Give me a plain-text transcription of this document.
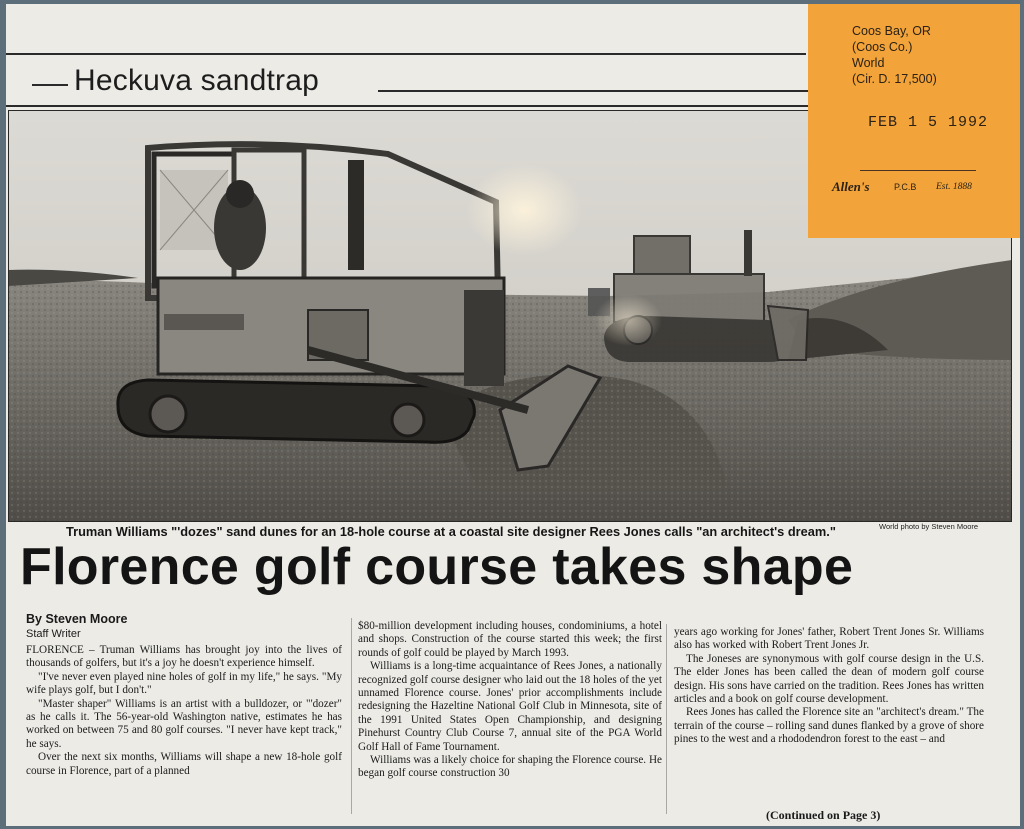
Heckuva sandtrap
Truman Williams "'dozes" sand dunes for an 18-hole course at a coastal site designer Rees Jones calls "an architect's dream."	World photo by Steven Moore
Florence golf course takes shape
By Steven Moore
Staff Writer

FLORENCE – Truman Williams has brought joy into the lives of thousands of golfers, but it's a joy he doesn't experience himself.

"I've never even played nine holes of golf in my life," he says. "My wife plays golf, but I don't."

"Master shaper" Williams is an artist with a bulldozer, or "'dozer" as he calls it. The 56-year-old Washington native, estimates he has worked on between 75 and 80 golf courses. "I never have kept track," he says.

Over the next six months, Williams will shape a new 18-hole golf course in Florence, part of a planned

$80-million development including houses, condominiums, a hotel and shops. Construction of the course started this week; the first rounds of golf could be played by March 1993.

Williams is a long-time acquaintance of Rees Jones, a nationally recognized golf course designer who laid out the 18 holes of the yet unnamed Florence course. Jones' prior accomplishments include redesigning the Hazeltine National Golf Club in Minnesota, site of the 1991 United States Open Championship, and designing Pinehurst Country Club Course 7, annual site of the PGA World Golf Hall of Fame Tournament.

Williams was a likely choice for shaping the Florence course. He began golf course construction 30

years ago working for Jones' father, Robert Trent Jones Sr. Williams also has worked with Robert Trent Jones Jr.

The Joneses are synonymous with golf course design in the U.S. The elder Jones has been called the dean of modern golf course design. His sons have carried on the tradition. Rees Jones has written articles and a book on golf course development.

Rees Jones has called the Florence site an "architect's dream." The terrain of the course – rolling sand dunes flanked by a grove of shore pines to the west and a rhododendron forest to the east – and

(Continued on Page 3)
Coos Bay, OR
(Coos Co.)
World
(Cir. D. 17,500)
FEB 1 5 1992
Allen's	P.C.B Est. 1888
